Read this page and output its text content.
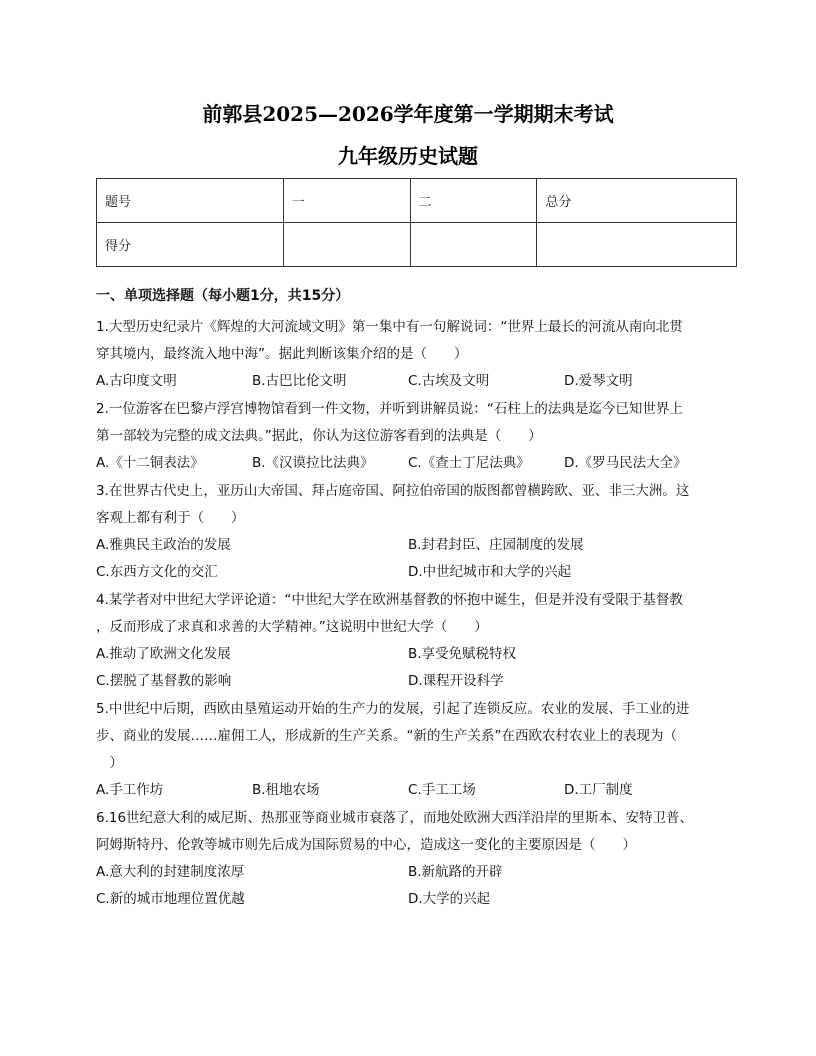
前郭县2025—2026学年度第一学期期末考试
九年级历史试题
题号	一	二	总分
得分			
一、单项选择题（每小题1分，共15分）
1.大型历史纪录片《辉煌的大河流域文明》第一集中有一句解说词：“世界上最长的河流从南向北贯
穿其境内，最终流入地中海”。据此判断该集介绍的是（　　）
A.古印度文明	B.古巴比伦文明	C.古埃及文明	D.爱琴文明
2.一位游客在巴黎卢浮宫博物馆看到一件文物，并听到讲解员说：“石柱上的法典是迄今已知世界上
第一部较为完整的成文法典。”据此，你认为这位游客看到的法典是（　　）
A.《十二铜表法》	B.《汉谟拉比法典》	C.《查士丁尼法典》	D.《罗马民法大全》
3.在世界古代史上，亚历山大帝国、拜占庭帝国、阿拉伯帝国的版图都曾横跨欧、亚、非三大洲。这
客观上都有利于（　　）
A.雅典民主政治的发展	B.封君封臣、庄园制度的发展
C.东西方文化的交汇	D.中世纪城市和大学的兴起
4.某学者对中世纪大学评论道：“中世纪大学在欧洲基督教的怀抱中诞生，但是并没有受限于基督教
，反而形成了求真和求善的大学精神。”这说明中世纪大学（　　）
A.推动了欧洲文化发展	B.享受免赋税特权
C.摆脱了基督教的影响	D.课程开设科学
5.中世纪中后期，西欧由垦殖运动开始的生产力的发展，引起了连锁反应。农业的发展、手工业的进
步、商业的发展……雇佣工人，形成新的生产关系。“新的生产关系”在西欧农村农业上的表现为（
　）
A.手工作坊	B.租地农场	C.手工工场	D.工厂制度
6.16世纪意大利的威尼斯、热那亚等商业城市衰落了，而地处欧洲大西洋沿岸的里斯本、安特卫普、
阿姆斯特丹、伦敦等城市则先后成为国际贸易的中心，造成这一变化的主要原因是（　　）
A.意大利的封建制度浓厚	B.新航路的开辟
C.新的城市地理位置优越	D.大学的兴起
